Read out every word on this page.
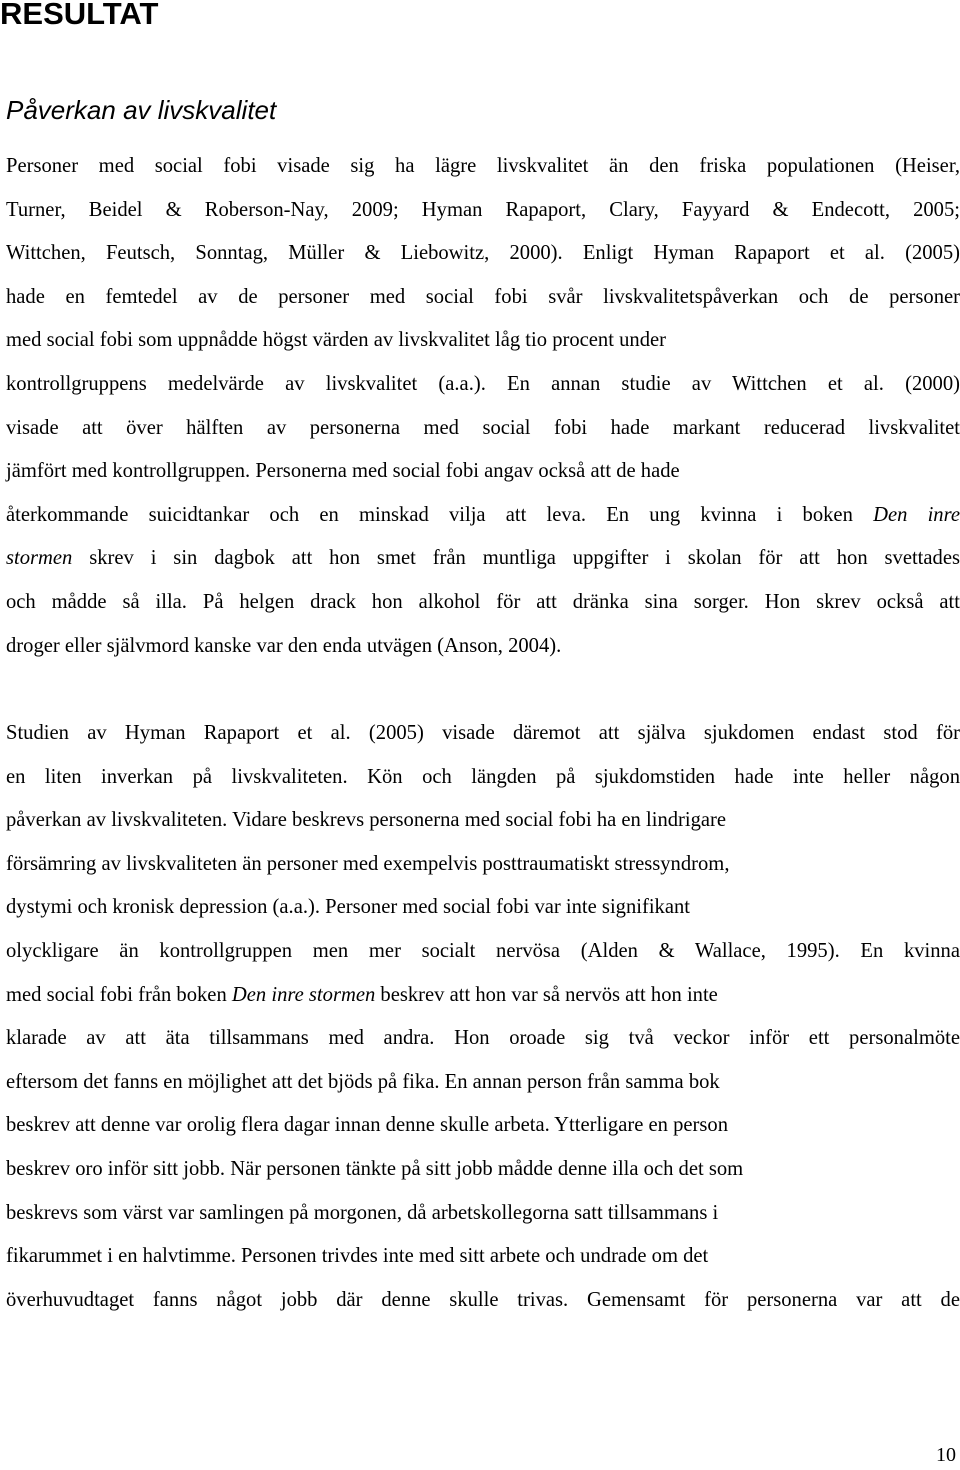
RESULTAT
Påverkan av livskvalitet

Personer med social fobi visade sig ha lägre livskvalitet än den friska populationen (Heiser,
Turner, Beidel & Roberson-Nay, 2009; Hyman Rapaport, Clary, Fayyard & Endecott, 2005;
Wittchen, Feutsch, Sonntag, Müller & Liebowitz, 2000). Enligt Hyman Rapaport et al. (2005)
hade en femtedel av de personer med social fobi svår livskvalitetspåverkan och de personer
med social fobi som uppnådde högst värden av livskvalitet låg tio procent under
kontrollgruppens medelvärde av livskvalitet (a.a.). En annan studie av Wittchen et al. (2000)
visade att över hälften av personerna med social fobi hade markant reducerad livskvalitet
jämfört med kontrollgruppen. Personerna med social fobi angav också att de hade
återkommande suicidtankar och en minskad vilja att leva. En ung kvinna i boken Den inre
stormen skrev i sin dagbok att hon smet från muntliga uppgifter i skolan för att hon svettades
och mådde så illa. På helgen drack hon alkohol för att dränka sina sorger. Hon skrev också att
droger eller självmord kanske var den enda utvägen (Anson, 2004).

Studien av Hyman Rapaport et al. (2005) visade däremot att själva sjukdomen endast stod för
en liten inverkan på livskvaliteten. Kön och längden på sjukdomstiden hade inte heller någon
påverkan av livskvaliteten. Vidare beskrevs personerna med social fobi ha en lindrigare
försämring av livskvaliteten än personer med exempelvis posttraumatiskt stressyndrom,
dystymi och kronisk depression (a.a.). Personer med social fobi var inte signifikant
olyckligare än kontrollgruppen men mer socialt nervösa (Alden & Wallace, 1995). En kvinna
med social fobi från boken Den inre stormen beskrev att hon var så nervös att hon inte
klarade av att äta tillsammans med andra. Hon oroade sig två veckor inför ett personalmöte
eftersom det fanns en möjlighet att det bjöds på fika. En annan person från samma bok
beskrev att denne var orolig flera dagar innan denne skulle arbeta. Ytterligare en person
beskrev oro inför sitt jobb. När personen tänkte på sitt jobb mådde denne illa och det som
beskrevs som värst var samlingen på morgonen, då arbetskollegorna satt tillsammans i
fikarummet i en halvtimme. Personen trivdes inte med sitt arbete och undrade om det
överhuvudtaget fanns något jobb där denne skulle trivas. Gemensamt för personerna var att de

10
